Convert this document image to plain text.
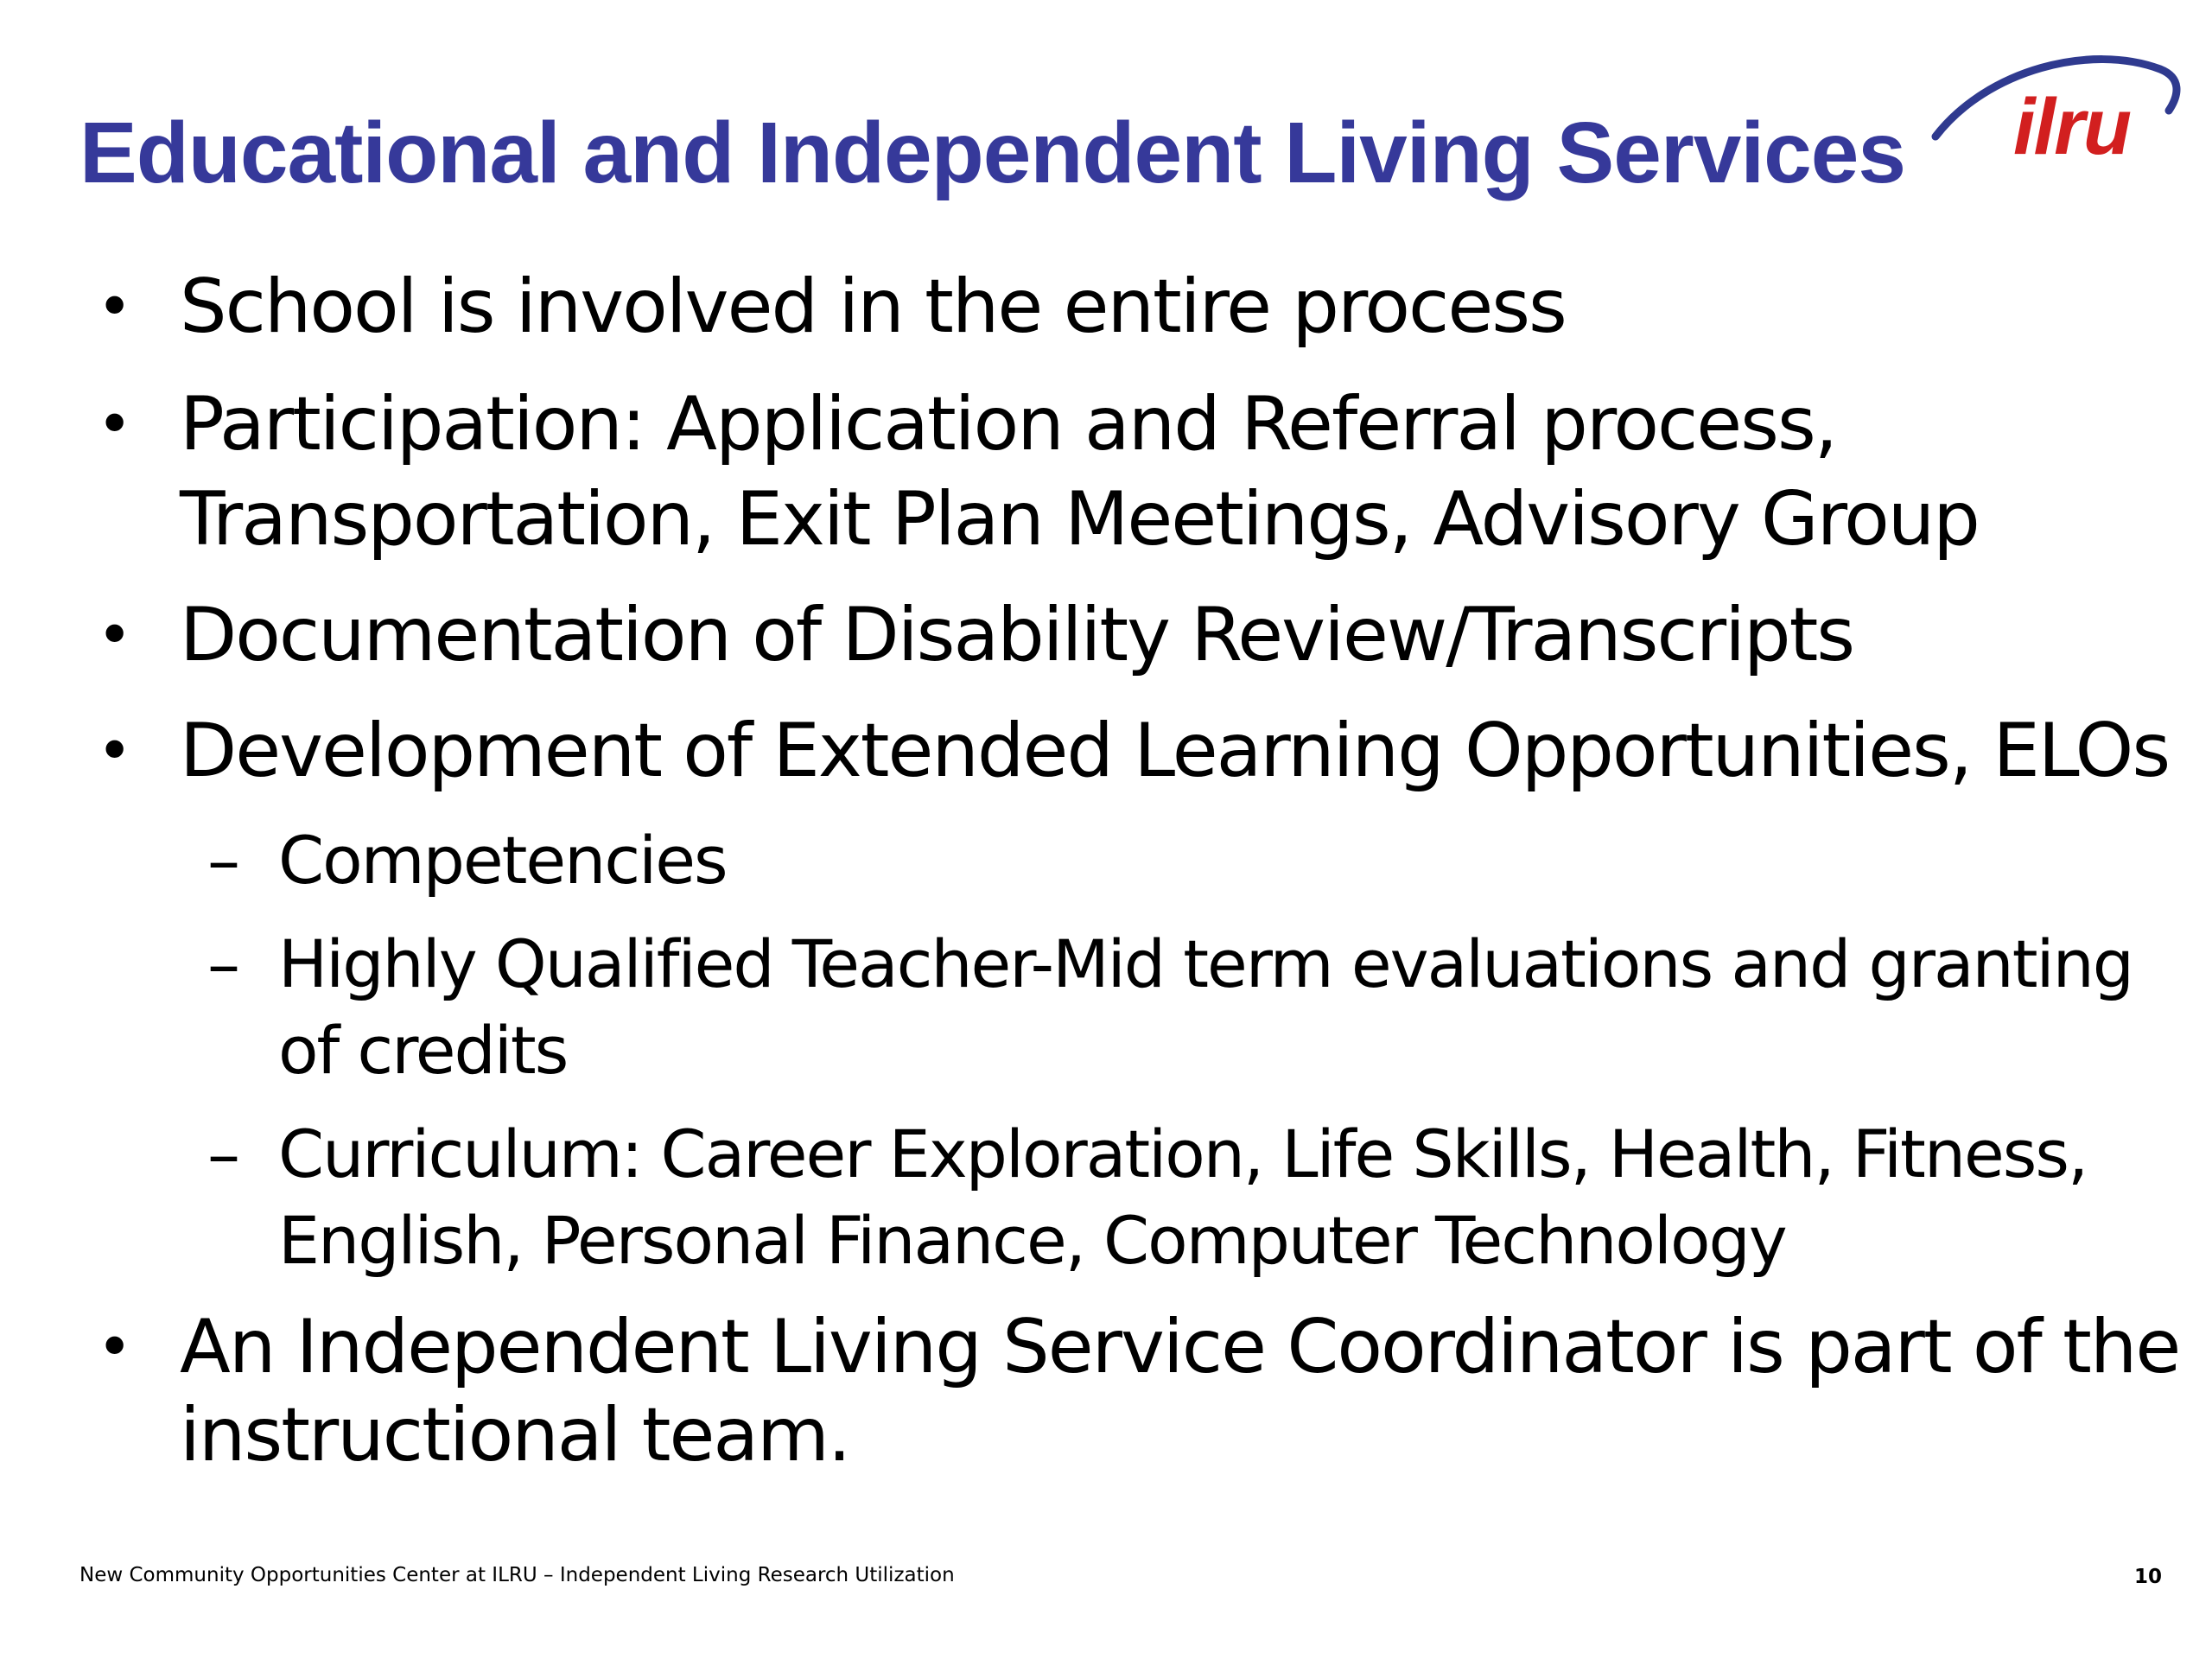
Educational and Independent Living Services ilru
• School is involved in the entire process
• Participation: Application and Referral process,
Transportation, Exit Plan Meetings, Advisory Group
• Documentation of Disability Review/Transcripts
• Development of Extended Learning Opportunities, ELOs
– Competencies
– Highly Qualified Teacher-Mid term evaluations and granting
of credits
– Curriculum: Career Exploration, Life Skills, Health, Fitness,
English, Personal Finance, Computer Technology
• An Independent Living Service Coordinator is part of the
instructional team.
New Community Opportunities Center at ILRU – Independent Living Research Utilization	10
